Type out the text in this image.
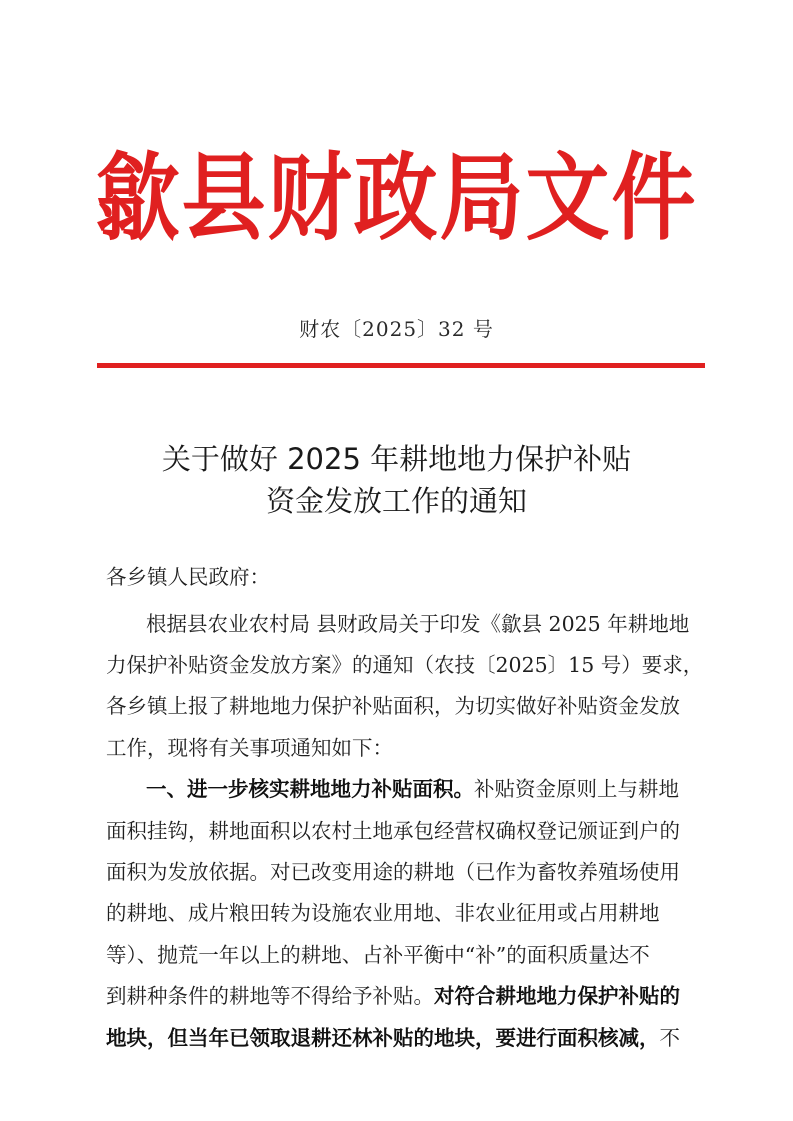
歙县财政局文件
财农〔2025〕32 号
关于做好 2025 年耕地地力保护补贴
资金发放工作的通知
各乡镇人民政府：
根据县农业农村局 县财政局关于印发《歙县 2025 年耕地地
力保护补贴资金发放方案》的通知（农技〔2025〕15 号）要求，
各乡镇上报了耕地地力保护补贴面积，为切实做好补贴资金发放
工作，现将有关事项通知如下：
一、进一步核实耕地地力补贴面积。补贴资金原则上与耕地
面积挂钩，耕地面积以农村土地承包经营权确权登记颁证到户的
面积为发放依据。对已改变用途的耕地（已作为畜牧养殖场使用
的耕地、成片粮田转为设施农业用地、非农业征用或占用耕地
等）、抛荒一年以上的耕地、占补平衡中“补”的面积质量达不
到耕种条件的耕地等不得给予补贴。对符合耕地地力保护补贴的
地块，但当年已领取退耕还林补贴的地块，要进行面积核减，不
